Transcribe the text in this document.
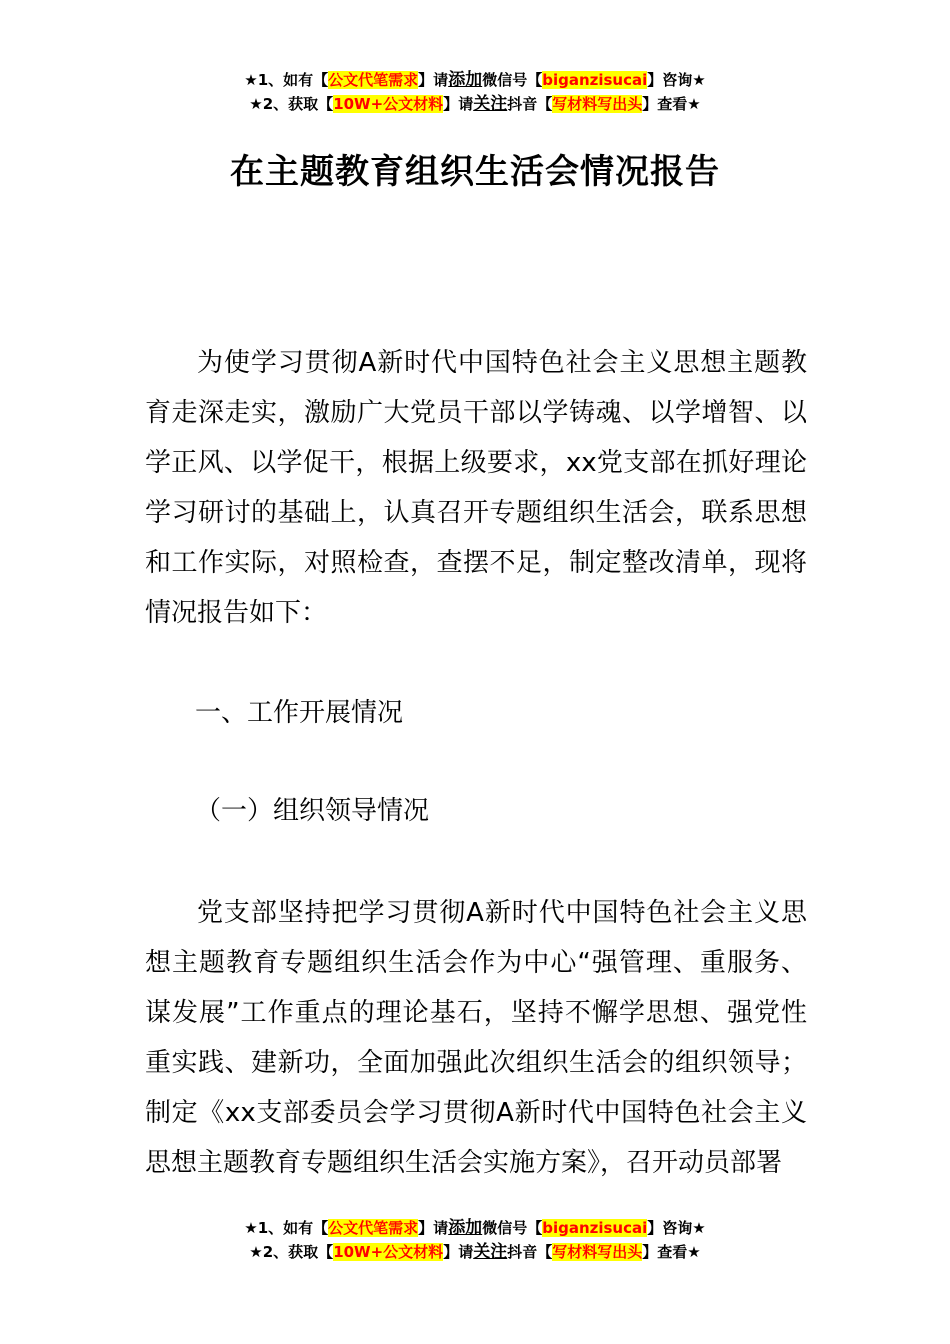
★1、如有【公文代笔需求】请添加微信号【biganzisucai】咨询★
★2、获取【10W+公文材料】请关注抖音【写材料写出头】查看★
在主题教育组织生活会情况报告
为使学习贯彻A新时代中国特色社会主义思想主题教育走深走实，激励广大党员干部以学铸魂、以学增智、以学正风、以学促干，根据上级要求，xx党支部在抓好理论学习研讨的基础上，认真召开专题组织生活会，联系思想和工作实际，对照检查，查摆不足，制定整改清单，现将情况报告如下：
一、工作开展情况
（一）组织领导情况
党支部坚持把学习贯彻A新时代中国特色社会主义思想主题教育专题组织生活会作为中心“强管理、重服务、谋发展”工作重点的理论基石，坚持不懈学思想、强党性重实践、建新功，全面加强此次组织生活会的组织领导；制定《xx支部委员会学习贯彻A新时代中国特色社会主义思想主题教育专题组织生活会实施方案》，召开动员部署
★1、如有【公文代笔需求】请添加微信号【biganzisucai】咨询★
★2、获取【10W+公文材料】请关注抖音【写材料写出头】查看★
